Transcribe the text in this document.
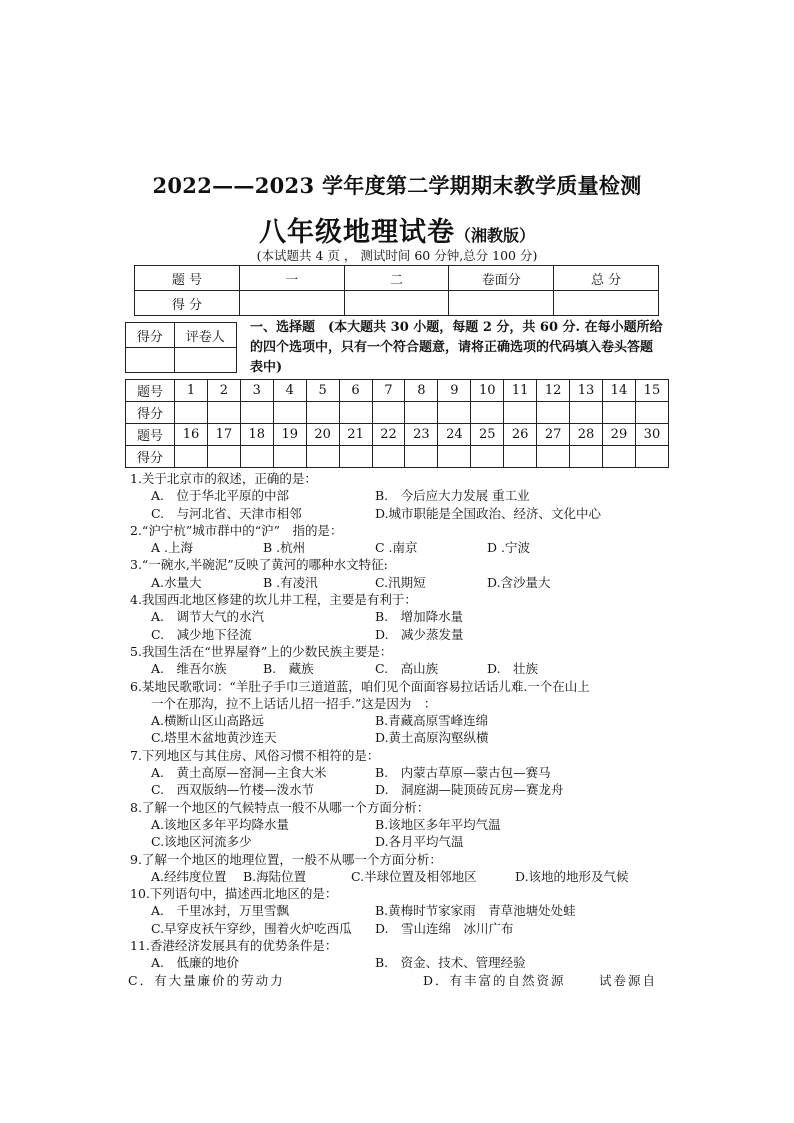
2022——2023 学年度第二学期期末教学质量检测
八年级地理试卷（湘教版）
(本试题共 4 页 ， 测试时间 60 分钟,总分 100 分)
题 号	一	二	卷面分	总 分
得 分				
得分	评卷人

一、选择题　(本大题共 30 小题，每题 2 分，共 60 分. 在每小题所给的四个选项中，只有一个符合题意，请将正确选项的代码填入卷头答题表中)
题号	1	2	3	4	5	6	7	8	9	10	11	12	13	14	15
得分															
题号	16	17	18	19	20	21	22	23	24	25	26	27	28	29	30
得分															
1.关于北京市的叙述，正确的是：
A.　位于华北平原的中部	B.　今后应大力发展 重工业
C.　与河北省、天津市相邻	D.城市职能是全国政治、经济、文化中心
2.“沪宁杭”城市群中的“沪”　指的是：
A .上海	B .杭州	C .南京	D .宁波
3.“一碗水,半碗泥”反映了黄河的哪种水文特征:
A.水量大	B .有凌汛	C.汛期短	D.含沙量大
4.我国西北地区修建的坎儿井工程，主要是有利于：
A.　调节大气的水汽	B.　增加降水量
C.　减少地下径流	D.　减少蒸发量
5.我国生活在“世界屋脊”上的少数民族主要是：
A.　维吾尔族	B.　藏族	C.　高山族	D.　壮族
6.某地民歌歌词：“羊肚子手巾三道道蓝，咱们见个面面容易拉话话儿难.一个在山上
一个在那沟，拉不上话话儿招一招手.”这是因为　：
A.横断山区山高路远	B.青藏高原雪峰连绵
C.塔里木盆地黄沙连天	D.黄土高原沟壑纵横
7.下列地区与其住房、风俗习惯不相符的是：
A.　黄土高原—窑洞—主食大米	B.　内蒙古草原—蒙古包—赛马
C.　西双版纳—竹楼—泼水节	D.　洞庭湖—陡顶砖瓦房—赛龙舟
8.了解一个地区的气候特点一般不从哪一个方面分析：
A.该地区多年平均降水量	B.该地区多年平均气温
C.该地区河流多少	D.各月平均气温
9.了解一个地区的地理位置，一般不从哪一个方面分析：
A.经纬度位置	B.海陆位置	C.半球位置及相邻地区	D.该地的地形及气候
10.下列语句中，描述西北地区的是：
A.　千里冰封，万里雪飘	B.黄梅时节家家雨　青草池塘处处蛙
C.早穿皮袄午穿纱，围着火炉吃西瓜	D.　雪山连绵　冰川广布
11.香港经济发展具有的优势条件是：
A.　低廉的地价	B.　资金、技术、管理经验
C．有大量廉价的劳动力	D．有丰富的自然资源	试卷源自
